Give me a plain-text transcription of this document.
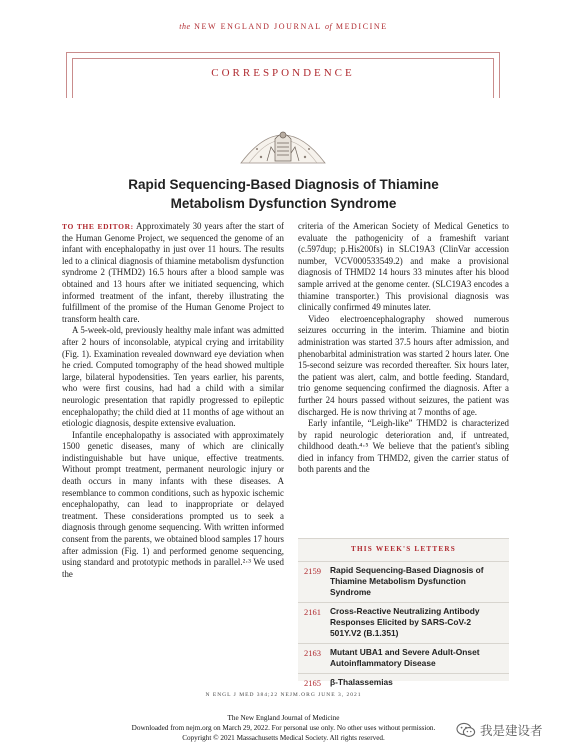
the NEW ENGLAND JOURNAL of MEDICINE
CORRESPONDENCE
Rapid Sequencing-Based Diagnosis of Thiamine
Metabolism Dysfunction Syndrome

TO THE EDITOR: Approximately 30 years after the start of the Human Genome Project, we sequenced the genome of an infant with encephalopathy in just over 11 hours. The results led to a clinical diagnosis of thiamine metabolism dysfunction syndrome 2 (THMD2) 16.5 hours after a blood sample was obtained and 13 hours after we initiated sequencing, which informed treatment of the infant, thereby illustrating the fulfillment of the promise of the Human Genome Project to transform health care.

A 5-week-old, previously healthy male infant was admitted after 2 hours of inconsolable, atypical crying and irritability (Fig. 1). Examination revealed downward eye deviation when he cried. Computed tomography of the head showed multiple large, bilateral hypodensities. Ten years earlier, his parents, who were first cousins, had had a child with a similar neurologic presentation that rapidly progressed to epileptic encephalopathy; the child died at 11 months of age without an etiologic diagnosis, despite extensive evaluation.

Infantile encephalopathy is associated with approximately 1500 genetic diseases, many of which are clinically indistinguishable but have unique, effective treatments. Without prompt treatment, permanent neurologic injury or death occurs in many infants with these diseases. A resemblance to common conditions, such as hypoxic ischemic encephalopathy, can lead to inappropriate or delayed treatment. These considerations prompted us to seek a diagnosis through genome sequencing. With written informed consent from the parents, we obtained blood samples 17 hours after admission (Fig. 1) and performed genome sequencing, using standard and prototypic methods in parallel.²·³ We used the

criteria of the American Society of Medical Genetics to evaluate the pathogenicity of a frameshift variant (c.597dup; p.His200fs) in SLC19A3 (ClinVar accession number, VCV000533549.2) and make a provisional diagnosis of THMD2 14 hours 33 minutes after his blood sample arrived at the genome center. (SLC19A3 encodes a thiamine transporter.) This provisional diagnosis was clinically confirmed 49 minutes later.

Video electroencephalography showed numerous seizures occurring in the interim. Thiamine and biotin administration was started 37.5 hours after admission, and phenobarbital administration was started 2 hours later. One 15-second seizure was recorded thereafter. Six hours later, the patient was alert, calm, and bottle feeding. Standard, trio genome sequencing confirmed the diagnosis. After a further 24 hours passed without seizures, the patient was discharged. He is now thriving at 7 months of age.

Early infantile, “Leigh-like” THMD2 is characterized by rapid neurologic deterioration and, if untreated, childhood death.⁴·⁵ We believe that the patient's sibling died in infancy from THMD2, given the carrier status of both parents and the

THIS WEEK'S LETTERS
2159	Rapid Sequencing-Based Diagnosis of Thiamine Metabolism Dysfunction Syndrome
2161	Cross-Reactive Neutralizing Antibody Responses Elicited by SARS-CoV-2 501Y.V2 (B.1.351)
2163	Mutant UBA1 and Severe Adult-Onset Autoinflammatory Disease
2165	β-Thalassemias
N ENGL J MED 384;22 NEJM.ORG JUNE 3, 2021
The New England Journal of Medicine
Downloaded from nejm.org on March 29, 2022. For personal use only. No other uses without permission.
Copyright © 2021 Massachusetts Medical Society. All rights reserved.	我是建设者
